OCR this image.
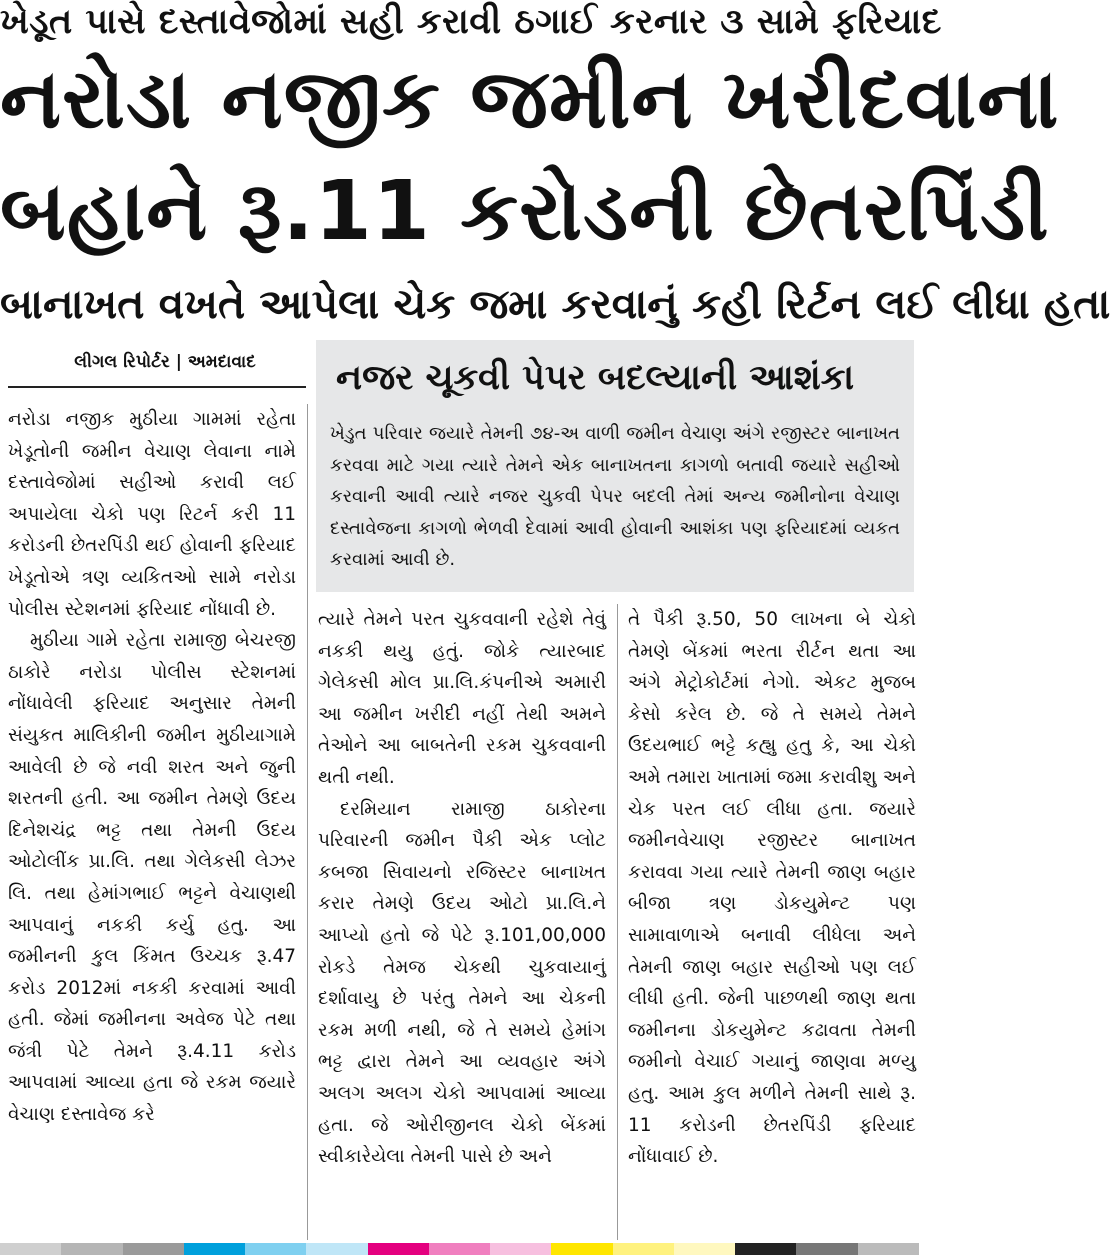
ખેડૂત પાસે દસ્તાવેજોમાં સહી કરાવી ઠગાઈ કરનાર ૩ સામે ફરિયાદ
નરોડા નજીક જમીન ખરીદવાના
બહાને રૂ.11 કરોડની છેતરપિંડી
બાનાખત વખતે આપેલા ચેક જમા કરવાનું કહી રિર્ટન લઈ લીધા હતા
લીગલ રિપોર્ટર | અમદાવાદ	નજર ચૂકવી પેપર બદલ્યાની આશંકા
ખેડુત પરિવાર જયારે તેમની ૭૪-અ વાળી જમીન વેચાણ અંગે રજીસ્ટર બાનાખત કરવવા માટે ગયા ત્યારે તેમને એક બાનાખતના કાગળો બતાવી જયારે સહીઓ કરવાની આવી ત્યારે નજર ચુકવી પેપર બદલી તેમાં અન્ય જમીનોના વેચાણ દસ્તાવેજના કાગળો ભેળવી દેવામાં આવી હોવાની આશંકા પણ ફરિયાદમાં વ્યકત કરવામાં આવી છે.

નરોડા નજીક મુઠીયા ગામમાં રહેતા ખેડૂતોની જમીન વેચાણ લેવાના નામે દસ્તાવેજોમાં સહીઓ કરાવી લઈ અપાયેલા ચેકો પણ રિટર્ન કરી 11 કરોડની છેતરપિંડી થઈ હોવાની ફરિયાદ ખેડૂતોએ ત્રણ વ્યકિતઓ સામે નરોડા પોલીસ સ્ટેશનમાં ફરિયાદ નોંધાવી છે.

મુઠીયા ગામે રહેતા રામાજી બેચરજી ઠાકોરે નરોડા પોલીસ સ્ટેશનમાં નોંધાવેલી ફરિયાદ અનુસાર તેમની સંયુકત માલિકીની જમીન મુઠીયાગામે આવેલી છે જે નવી શરત અને જુની શરતની હતી. આ જમીન તેમણે ઉદય દિનેશચંદ્ર ભટ્ટ તથા તેમની ઉદય ઓટોલીંક પ્રા.લિ. તથા ગેલેકસી લેઝર લિ. તથા હેમાંગભાઈ ભટ્ટને વેચાણથી આપવાનું નકકી કર્યુ હતુ. આ જમીનની કુલ કિંમત ઉચ્ચક રૂ.47 કરોડ 2012માં નકકી કરવામાં આવી હતી. જેમાં જમીનના અવેજ પેટે તથા જંત્રી પેટે તેમને રૂ.4.11 કરોડ આપવામાં આવ્યા હતા જે રકમ જયારે વેચાણ દસ્તાવેજ કરે

ત્યારે તેમને પરત ચુકવવાની રહેશે તેવું નકકી થયુ હતું. જોકે ત્યારબાદ ગેલેકસી મોલ પ્રા.લિ.કંપનીએ અમારી આ જમીન ખરીદી નહીં તેથી અમને તેઓને આ બાબતેની રકમ ચુકવવાની થતી નથી.

દરમિયાન રામાજી ઠાકોરના પરિવારની જમીન પૈકી એક પ્લોટ કબજા સિવાયનો રજિસ્ટર બાનાખત કરાર તેમણે ઉદય ઓટો પ્રા.લિ.ને આપ્યો હતો જે પેટે રૂ.101,00,000 રોકડે તેમજ ચેકથી ચુકવાયાનું દર્શાવાયુ છે પરંતુ તેમને આ ચેકની રકમ મળી નથી, જે તે સમયે હેમાંગ ભટ્ટ દ્વારા તેમને આ વ્યવહાર અંગે અલગ અલગ ચેકો આપવામાં આવ્યા હતા. જે ઓરીજીનલ ચેકો બેંકમાં સ્વીકારેયેલા તેમની પાસે છે અને

તે પૈકી રૂ.50, 50 લાખના બે ચેકો તેમણે બેંકમાં ભરતા રીર્ટન થતા આ અંગે મેટ્રોકોર્ટમાં નેગો. એકટ મુજબ કેસો કરેલ છે. જે તે સમયે તેમને ઉદયભાઈ ભટ્ટે કહ્યુ હતુ કે, આ ચેકો અમે તમારા ખાતામાં જમા કરાવીશુ અને ચેક પરત લઈ લીધા હતા. જયારે જમીનવેચાણ રજીસ્ટર બાનાખત કરાવવા ગયા ત્યારે તેમની જાણ બહાર બીજા ત્રણ ડોકયુમેન્ટ પણ સામાવાળાએ બનાવી લીધેલા અને તેમની જાણ બહાર સહીઓ પણ લઈ લીધી હતી. જેની પાછળથી જાણ થતા જમીનના ડોકયુમેન્ટ કઢાવતા તેમની જમીનો વેચાઈ ગયાનું જાણવા મળ્યુ હતુ. આમ કુલ મળીને તેમની સાથે રૂ. 11 કરોડની છેતરપિંડી ફરિયાદ નોંધાવાઈ છે.
